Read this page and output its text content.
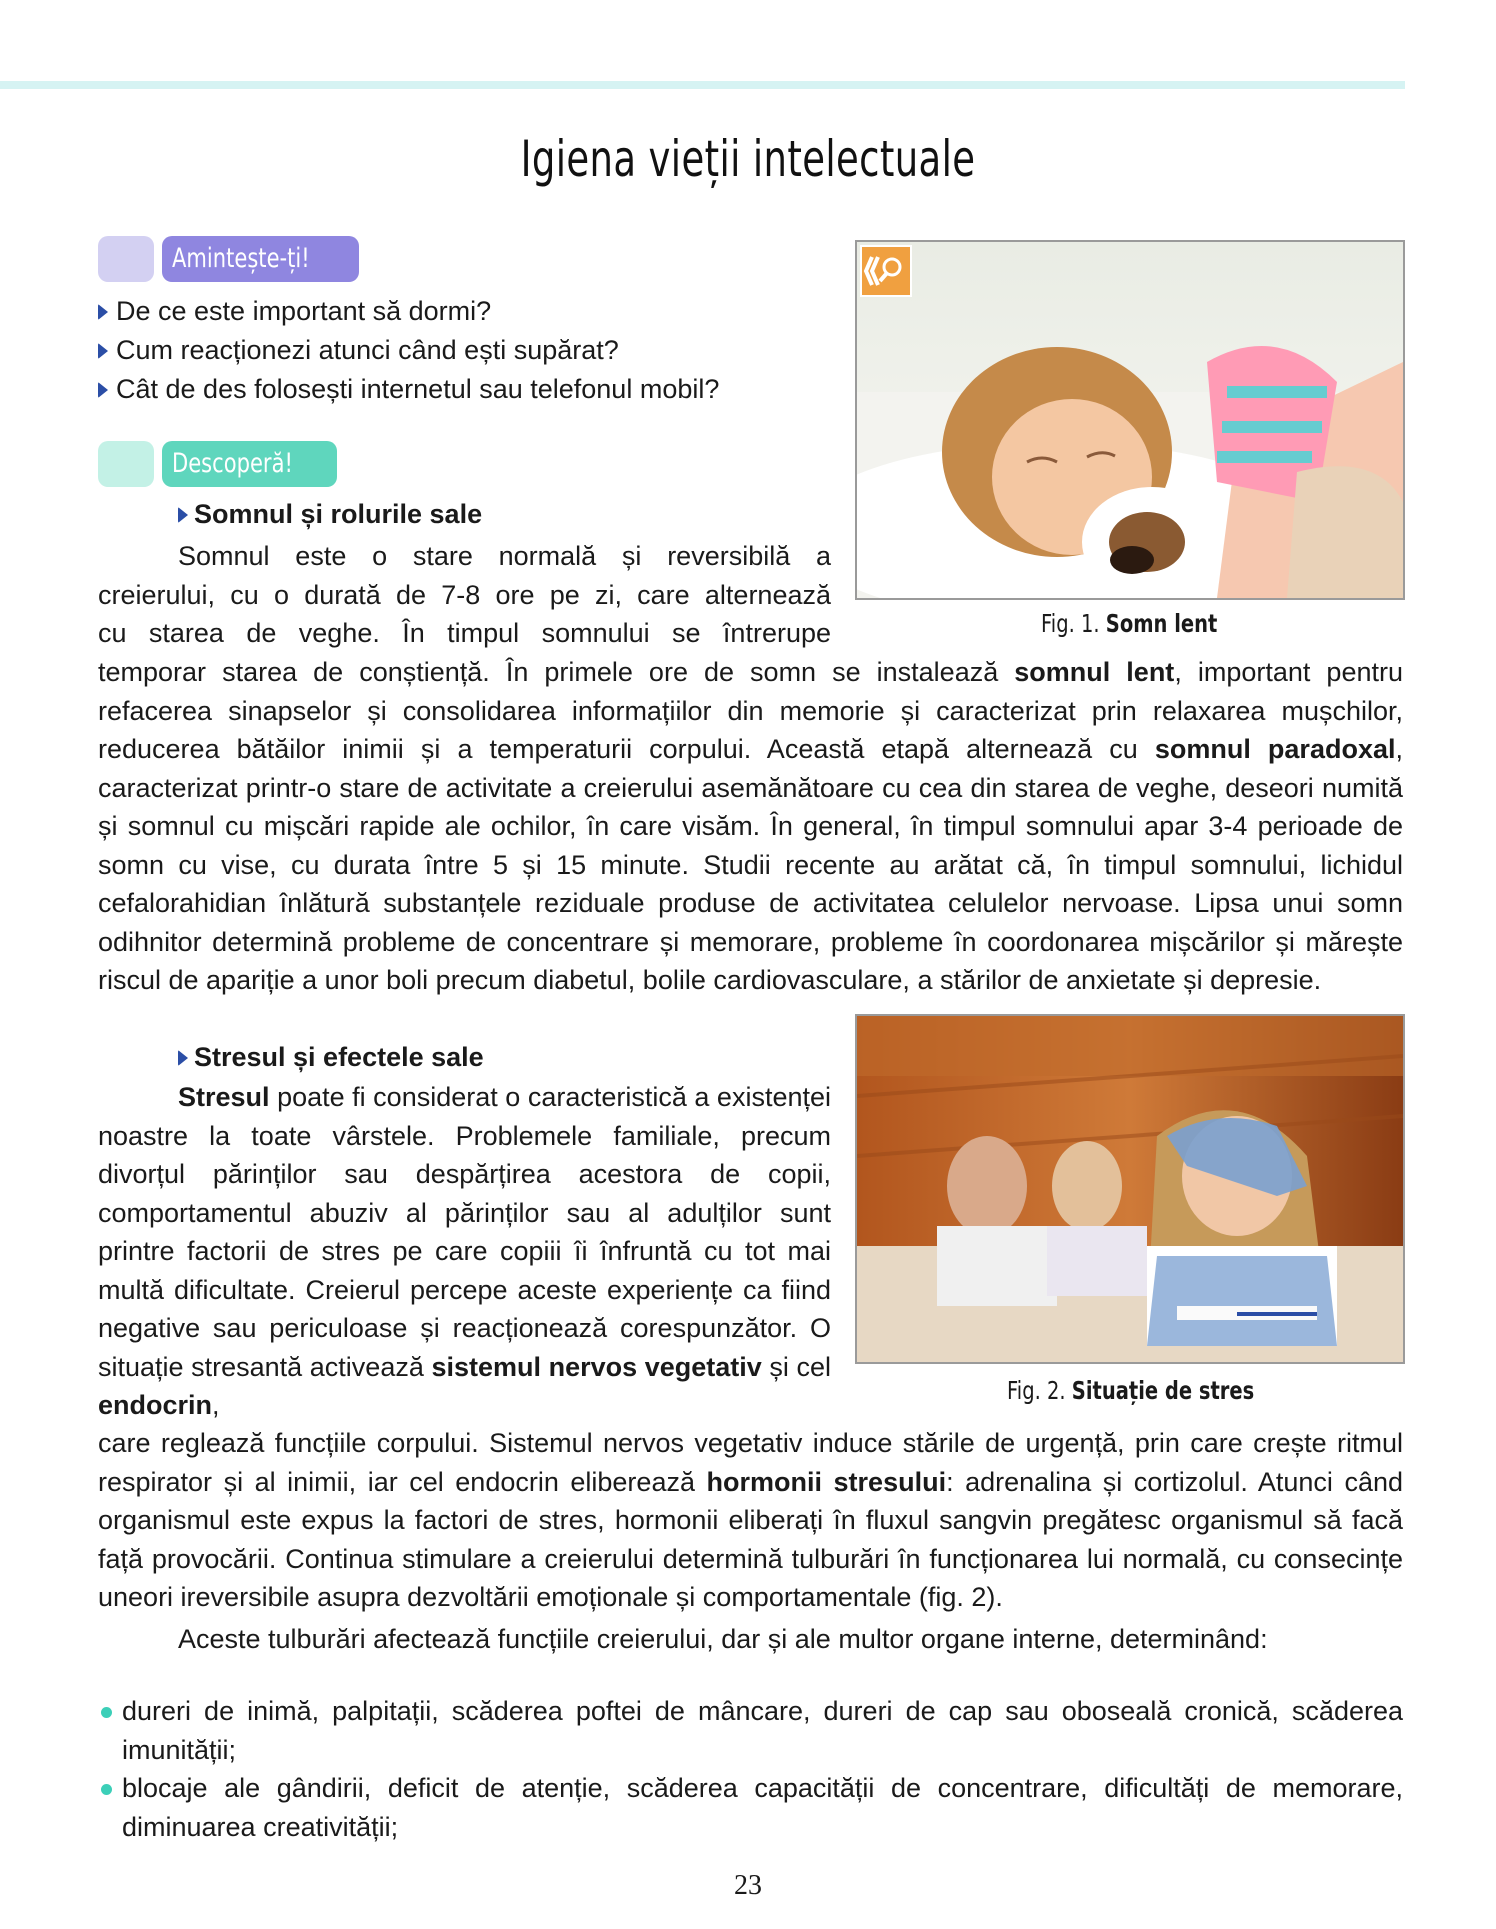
Igiena vieții intelectuale
Amintește-ți!
De ce este important să dormi?
Cum reacționezi atunci când ești supărat?
Cât de des folosești internetul sau telefonul mobil?
Descoperă!
Fig. 1. Somn lent
Somnul și rolurile sale

Somnul este o stare normală și reversibilă a

creierului, cu o durată de 7-8 ore pe zi, care alternează

cu starea de veghe. În timpul somnului se întrerupe

temporar starea de conștiență. În primele ore de somn se instalează somnul lent, important pentru refacerea sinapselor și consolidarea informațiilor din memorie și caracterizat prin relaxarea mușchilor, reducerea bătăilor inimii și a temperaturii corpului. Această etapă alternează cu somnul paradoxal, caracterizat printr-o stare de activitate a creierului asemănătoare cu cea din starea de veghe, deseori numită și somnul cu mișcări rapide ale ochilor, în care visăm. În general, în timpul somnului apar 3-4 perioade de somn cu vise, cu durata între 5 și 15 minute. Studii recente au arătat că, în timpul somnului, lichidul cefalorahidian înlătură substanțele reziduale produse de activitatea celulelor nervoase. Lipsa unui somn odihnitor determină probleme de concentrare și memorare, probleme în coordonarea mișcărilor și mărește riscul de apariție a unor boli precum diabetul, bolile cardiovasculare, a stărilor de anxietate și depresie.

Fig. 2. Situație de stres
Stresul și efectele sale

Stresul poate fi considerat o caracteristică a existenței noastre la toate vârstele. Problemele familiale, precum divorțul părinților sau despărțirea acestora de copii, comportamentul abuziv al părinților sau al adulților sunt printre factorii de stres pe care copiii îi înfruntă cu tot mai multă dificultate. Creierul percepe aceste experiențe ca fiind negative sau periculoase și reacționează corespunzător. O situație stresantă activează sistemul nervos vegetativ și cel endocrin,

care reglează funcțiile corpului. Sistemul nervos vegetativ induce stările de urgență, prin care crește ritmul respirator și al inimii, iar cel endocrin eliberează hormonii stresului: adrenalina și cortizolul. Atunci când organismul este expus la factori de stres, hormonii eliberați în fluxul sangvin pregătesc organismul să facă față provocării. Continua stimulare a creierului determină tulburări în funcționarea lui normală, cu consecințe uneori ireversibile asupra dezvoltării emoționale și comportamentale (fig. 2).

Aceste tulburări afectează funcțiile creierului, dar și ale multor organe interne, determinând:

dureri de inimă, palpitații, scăderea poftei de mâncare, dureri de cap sau oboseală cronică, scăderea imunității;
blocaje ale gândirii, deficit de atenție, scăderea capacității de concentrare, dificultăți de memorare, diminuarea creativității;
23
